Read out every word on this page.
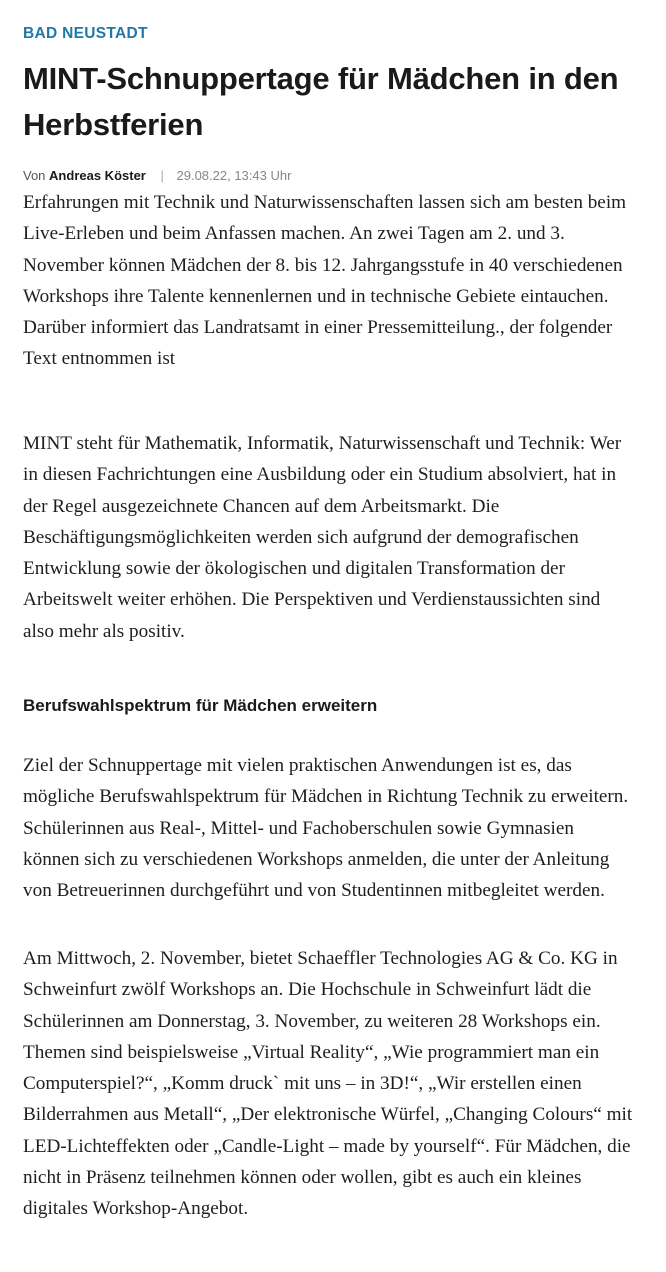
BAD NEUSTADT
MINT-Schnuppertage für Mädchen in den Herbstferien
Von Andreas Köster | 29.08.22, 13:43 Uhr

Erfahrungen mit Technik und Naturwissenschaften lassen sich am besten beim Live-Erleben und beim Anfassen machen. An zwei Tagen am 2. und 3. November können Mädchen der 8. bis 12. Jahrgangsstufe in 40 verschiedenen Workshops ihre Talente kennenlernen und in technische Gebiete eintauchen. Darüber informiert das Landratsamt in einer Pressemitteilung., der folgender Text entnommen ist

MINT steht für Mathematik, Informatik, Naturwissenschaft und Technik: Wer in diesen Fachrichtungen eine Ausbildung oder ein Studium absolviert, hat in der Regel ausgezeichnete Chancen auf dem Arbeitsmarkt. Die Beschäftigungsmöglichkeiten werden sich aufgrund der demografischen Entwicklung sowie der ökologischen und digitalen Transformation der Arbeitswelt weiter erhöhen. Die Perspektiven und Verdienstaussichten sind also mehr als positiv.

Berufswahlspektrum für Mädchen erweitern

Ziel der Schnuppertage mit vielen praktischen Anwendungen ist es, das mögliche Berufswahlspektrum für Mädchen in Richtung Technik zu erweitern. Schülerinnen aus Real-, Mittel- und Fachoberschulen sowie Gymnasien können sich zu verschiedenen Workshops anmelden, die unter der Anleitung von Betreuerinnen durchgeführt und von Studentinnen mitbegleitet werden.

Am Mittwoch, 2. November, bietet Schaeffler Technologies AG & Co. KG in Schweinfurt zwölf Workshops an. Die Hochschule in Schweinfurt lädt die Schülerinnen am Donnerstag, 3. November, zu weiteren 28 Workshops ein. Themen sind beispielsweise „Virtual Reality“, „Wie programmiert man ein Computerspiel?“, „Komm druck` mit uns – in 3D!“, „Wir erstellen einen Bilderrahmen aus Metall“, „Der elektronische Würfel, „Changing Colours“ mit LED-Lichteffekten oder „Candle-Light – made by yourself“. Für Mädchen, die nicht in Präsenz teilnehmen können oder wollen, gibt es auch ein kleines digitales Workshop-Angebot.
